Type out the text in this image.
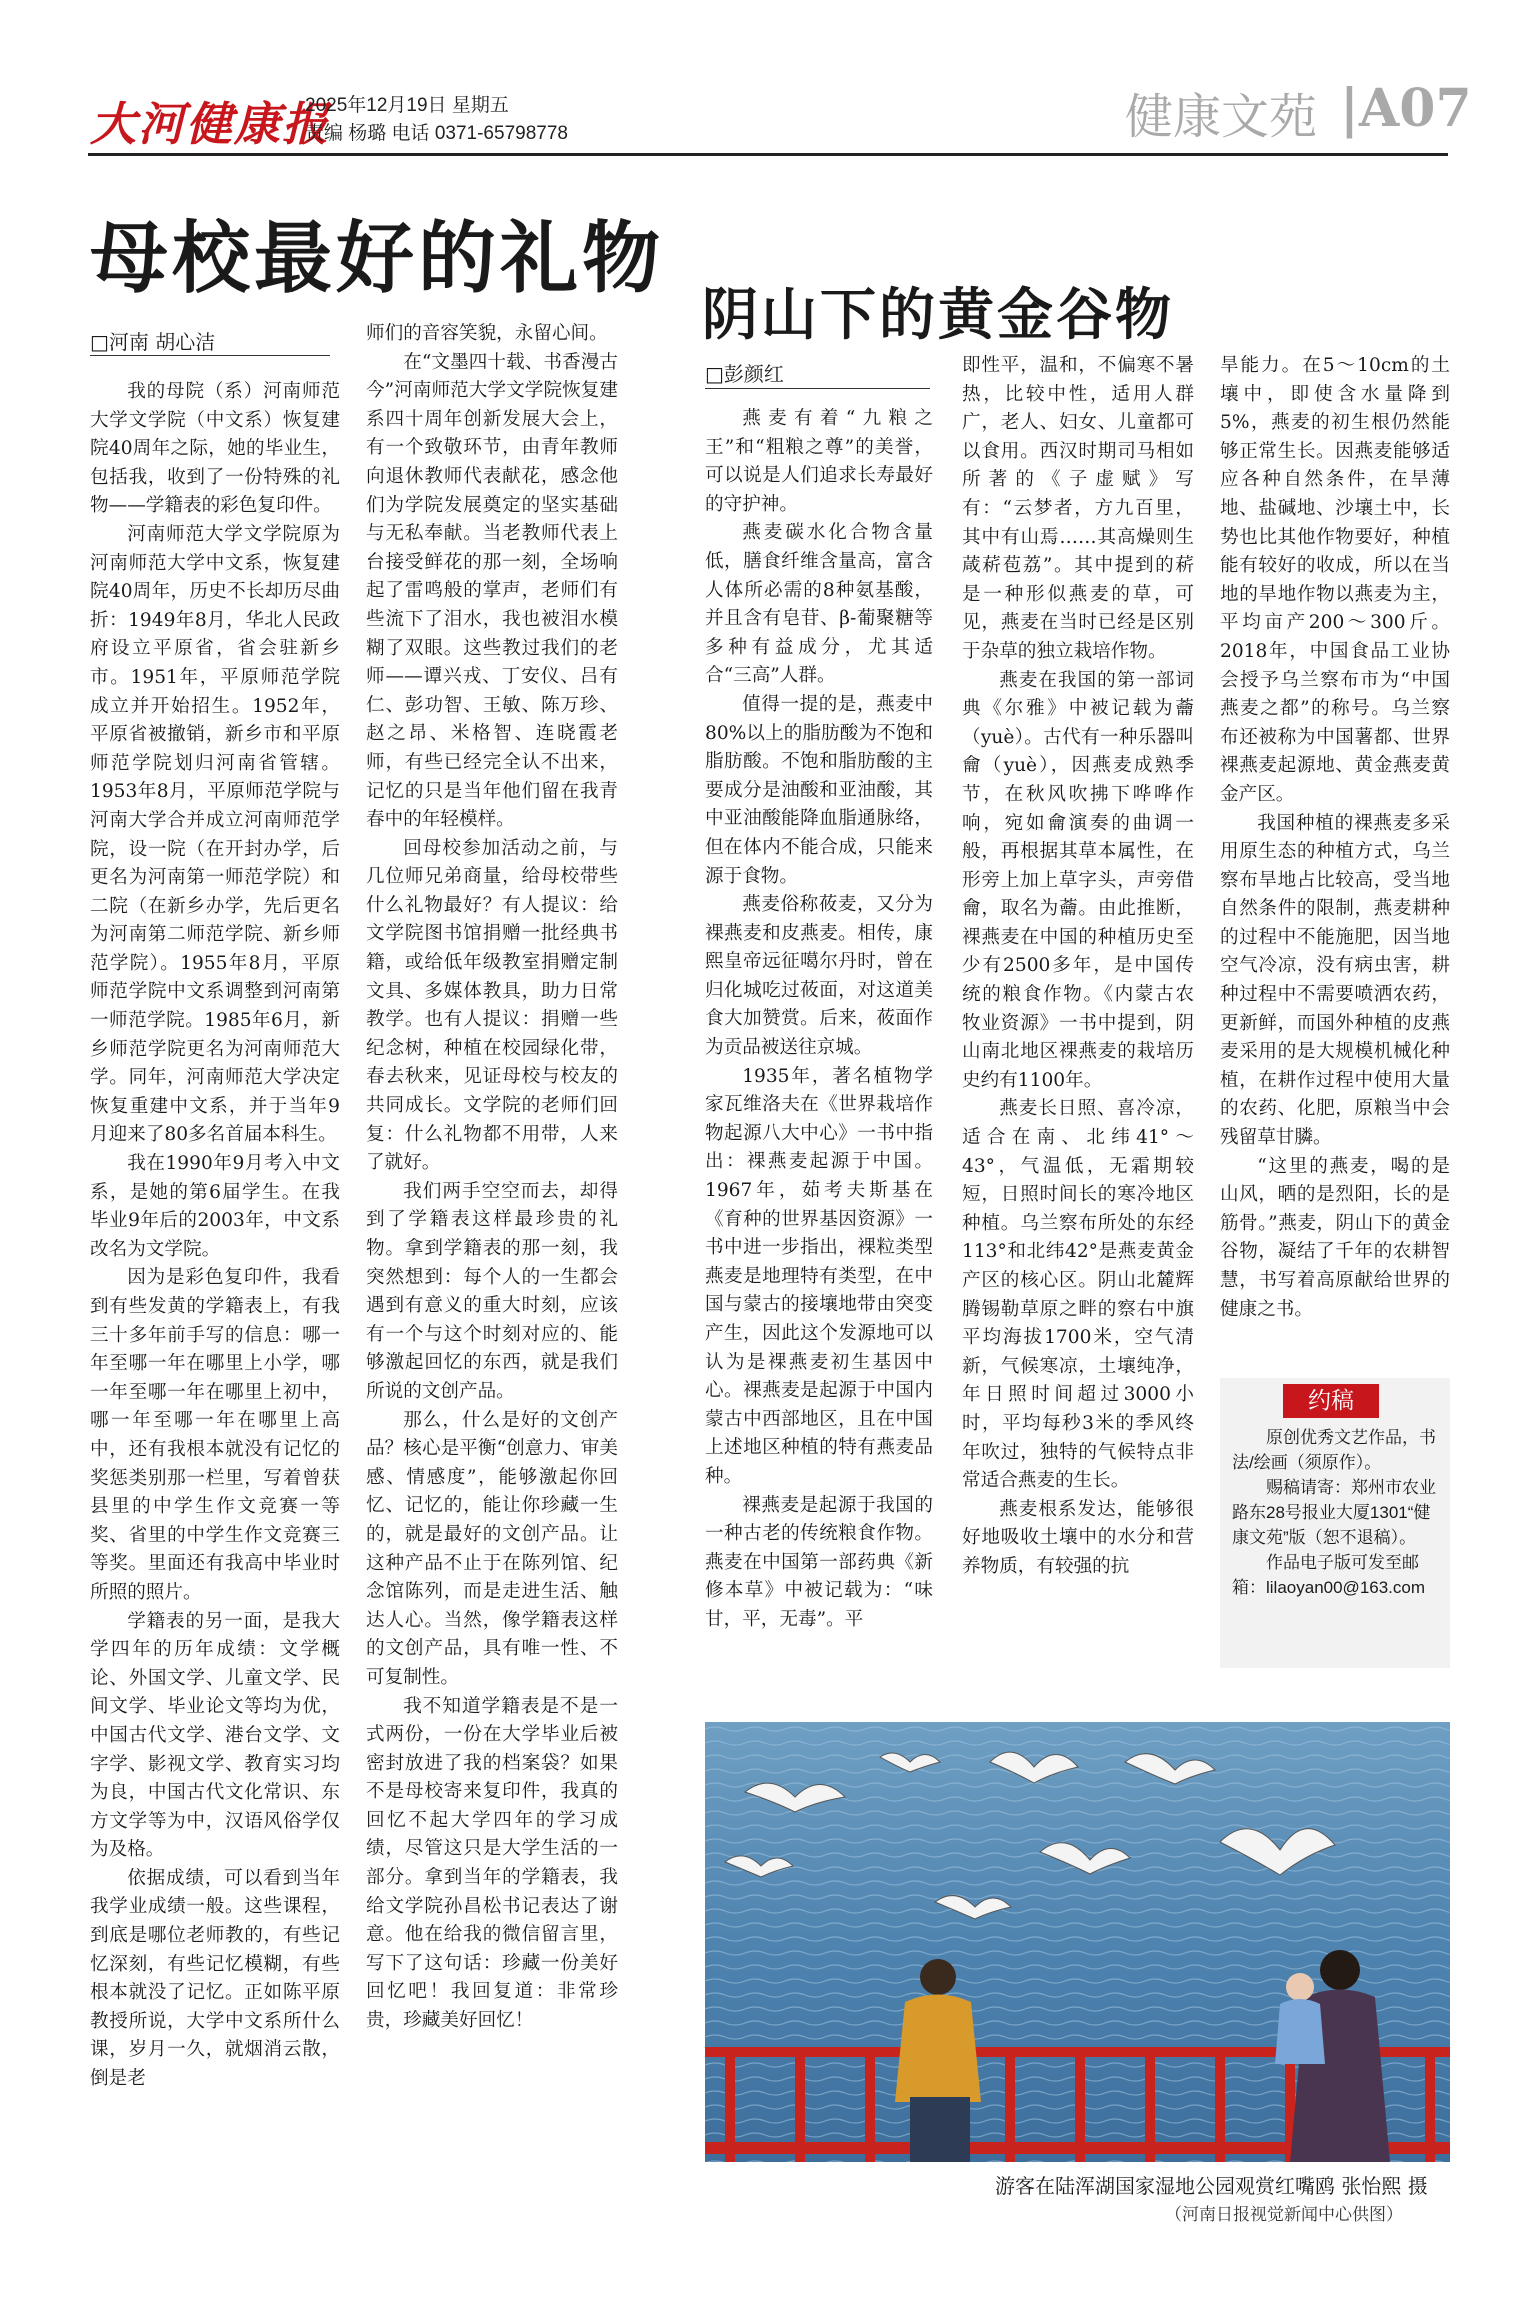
大河健康报
2025年12月19日 星期五
责编 杨璐 电话 0371-65798778	健康文苑 |A07
母校最好的礼物
□河南 胡心洁

我的母院（系）河南师范大学文学院（中文系）恢复建院40周年之际，她的毕业生，包括我，收到了一份特殊的礼物——学籍表的彩色复印件。

河南师范大学文学院原为河南师范大学中文系，恢复建院40周年，历史不长却历尽曲折：1949年8月，华北人民政府设立平原省，省会驻新乡市。1951年，平原师范学院成立并开始招生。1952年，平原省被撤销，新乡市和平原师范学院划归河南省管辖。1953年8月，平原师范学院与河南大学合并成立河南师范学院，设一院（在开封办学，后更名为河南第一师范学院）和二院（在新乡办学，先后更名为河南第二师范学院、新乡师范学院）。1955年8月，平原师范学院中文系调整到河南第一师范学院。1985年6月，新乡师范学院更名为河南师范大学。同年，河南师范大学决定恢复重建中文系，并于当年9月迎来了80多名首届本科生。

我在1990年9月考入中文系，是她的第6届学生。在我毕业9年后的2003年，中文系改名为文学院。

因为是彩色复印件，我看到有些发黄的学籍表上，有我三十多年前手写的信息：哪一年至哪一年在哪里上小学，哪一年至哪一年在哪里上初中，哪一年至哪一年在哪里上高中，还有我根本就没有记忆的奖惩类别那一栏里，写着曾获县里的中学生作文竞赛一等奖、省里的中学生作文竞赛三等奖。里面还有我高中毕业时所照的照片。

学籍表的另一面，是我大学四年的历年成绩：文学概论、外国文学、儿童文学、民间文学、毕业论文等均为优，中国古代文学、港台文学、文字学、影视文学、教育实习均为良，中国古代文化常识、东方文学等为中，汉语风俗学仅为及格。

依据成绩，可以看到当年我学业成绩一般。这些课程，到底是哪位老师教的，有些记忆深刻，有些记忆模糊，有些根本就没了记忆。正如陈平原教授所说，大学中文系所什么课，岁月一久，就烟消云散，倒是老

师们的音容笑貌，永留心间。

在“文墨四十载、书香漫古今”河南师范大学文学院恢复建系四十周年创新发展大会上，有一个致敬环节，由青年教师向退休教师代表献花，感念他们为学院发展奠定的坚实基础与无私奉献。当老教师代表上台接受鲜花的那一刻，全场响起了雷鸣般的掌声，老师们有些流下了泪水，我也被泪水模糊了双眼。这些教过我们的老师——谭兴戎、丁安仪、吕有仁、彭功智、王敏、陈万珍、赵之昂、米格智、连晓霞老师，有些已经完全认不出来，记忆的只是当年他们留在我青春中的年轻模样。

回母校参加活动之前，与几位师兄弟商量，给母校带些什么礼物最好？有人提议：给文学院图书馆捐赠一批经典书籍，或给低年级教室捐赠定制文具、多媒体教具，助力日常教学。也有人提议：捐赠一些纪念树，种植在校园绿化带，春去秋来，见证母校与校友的共同成长。文学院的老师们回复：什么礼物都不用带，人来了就好。

我们两手空空而去，却得到了学籍表这样最珍贵的礼物。拿到学籍表的那一刻，我突然想到：每个人的一生都会遇到有意义的重大时刻，应该有一个与这个时刻对应的、能够激起回忆的东西，就是我们所说的文创产品。

那么，什么是好的文创产品？核心是平衡“创意力、审美感、情感度”，能够激起你回忆、记忆的，能让你珍藏一生的，就是最好的文创产品。让这种产品不止于在陈列馆、纪念馆陈列，而是走进生活、触达人心。当然，像学籍表这样的文创产品，具有唯一性、不可复制性。

我不知道学籍表是不是一式两份，一份在大学毕业后被密封放进了我的档案袋？如果不是母校寄来复印件，我真的回忆不起大学四年的学习成绩，尽管这只是大学生活的一部分。拿到当年的学籍表，我给文学院孙昌松书记表达了谢意。他在给我的微信留言里，写下了这句话：珍藏一份美好回忆吧！我回复道：非常珍贵，珍藏美好回忆！

阴山下的黄金谷物
□彭颜红

燕麦有着“九粮之王”和“粗粮之尊”的美誉，可以说是人们追求长寿最好的守护神。

燕麦碳水化合物含量低，膳食纤维含量高，富含人体所必需的8种氨基酸，并且含有皂苷、β-葡聚糖等多种有益成分，尤其适合“三高”人群。

值得一提的是，燕麦中80%以上的脂肪酸为不饱和脂肪酸。不饱和脂肪酸的主要成分是油酸和亚油酸，其中亚油酸能降血脂通脉络，但在体内不能合成，只能来源于食物。

燕麦俗称莜麦，又分为裸燕麦和皮燕麦。相传，康熙皇帝远征噶尔丹时，曾在归化城吃过莜面，对这道美食大加赞赏。后来，莜面作为贡品被送往京城。

1935年，著名植物学家瓦维洛夫在《世界栽培作物起源八大中心》一书中指出：裸燕麦起源于中国。1967年，茹考夫斯基在《育种的世界基因资源》一书中进一步指出，裸粒类型燕麦是地理特有类型，在中国与蒙古的接壤地带由突变产生，因此这个发源地可以认为是裸燕麦初生基因中心。裸燕麦是起源于中国内蒙古中西部地区，且在中国上述地区种植的特有燕麦品种。

裸燕麦是起源于我国的一种古老的传统粮食作物。燕麦在中国第一部药典《新修本草》中被记载为：“味甘，平，无毒”。平

即性平，温和，不偏寒不暑热，比较中性，适用人群广，老人、妇女、儿童都可以食用。西汉时期司马相如所著的《子虚赋》写有：“云梦者，方九百里，其中有山焉……其高燥则生葴菥苞荔”。其中提到的菥是一种形似燕麦的草，可见，燕麦在当时已经是区别于杂草的独立栽培作物。

燕麦在我国的第一部词典《尔雅》中被记载为蘥（yuè）。古代有一种乐器叫龠（yuè），因燕麦成熟季节，在秋风吹拂下哗哗作响，宛如龠演奏的曲调一般，再根据其草本属性，在形旁上加上草字头，声旁借龠，取名为蘥。由此推断，裸燕麦在中国的种植历史至少有2500多年，是中国传统的粮食作物。《内蒙古农牧业资源》一书中提到，阴山南北地区裸燕麦的栽培历史约有1100年。

燕麦长日照、喜冷凉，适合在南、北纬41°～43°，气温低，无霜期较短，日照时间长的寒冷地区种植。乌兰察布所处的东经113°和北纬42°是燕麦黄金产区的核心区。阴山北麓辉腾锡勒草原之畔的察右中旗平均海拔1700米，空气清新，气候寒凉，土壤纯净，年日照时间超过3000小时，平均每秒3米的季风终年吹过，独特的气候特点非常适合燕麦的生长。

燕麦根系发达，能够很好地吸收土壤中的水分和营养物质，有较强的抗

旱能力。在5～10cm的土壤中，即使含水量降到5%，燕麦的初生根仍然能够正常生长。因燕麦能够适应各种自然条件，在旱薄地、盐碱地、沙壤土中，长势也比其他作物要好，种植能有较好的收成，所以在当地的旱地作物以燕麦为主，平均亩产200～300斤。2018年，中国食品工业协会授予乌兰察布市为“中国燕麦之都”的称号。乌兰察布还被称为中国薯都、世界裸燕麦起源地、黄金燕麦黄金产区。

我国种植的裸燕麦多采用原生态的种植方式，乌兰察布旱地占比较高，受当地自然条件的限制，燕麦耕种的过程中不能施肥，因当地空气冷凉，没有病虫害，耕种过程中不需要喷洒农药，更新鲜，而国外种植的皮燕麦采用的是大规模机械化种植，在耕作过程中使用大量的农药、化肥，原粮当中会残留草甘膦。

“这里的燕麦，喝的是山风，晒的是烈阳，长的是筋骨。”燕麦，阴山下的黄金谷物，凝结了千年的农耕智慧，书写着高原献给世界的健康之书。

约稿

原创优秀文艺作品，书法/绘画（须原作）。

赐稿请寄：郑州市农业路东28号报业大厦1301“健康文苑”版（恕不退稿）。

作品电子版可发至邮箱：lilaoyan00@163.com

游客在陆浑湖国家湿地公园观赏红嘴鸥 张怡熙 摄
（河南日报视觉新闻中心供图）
